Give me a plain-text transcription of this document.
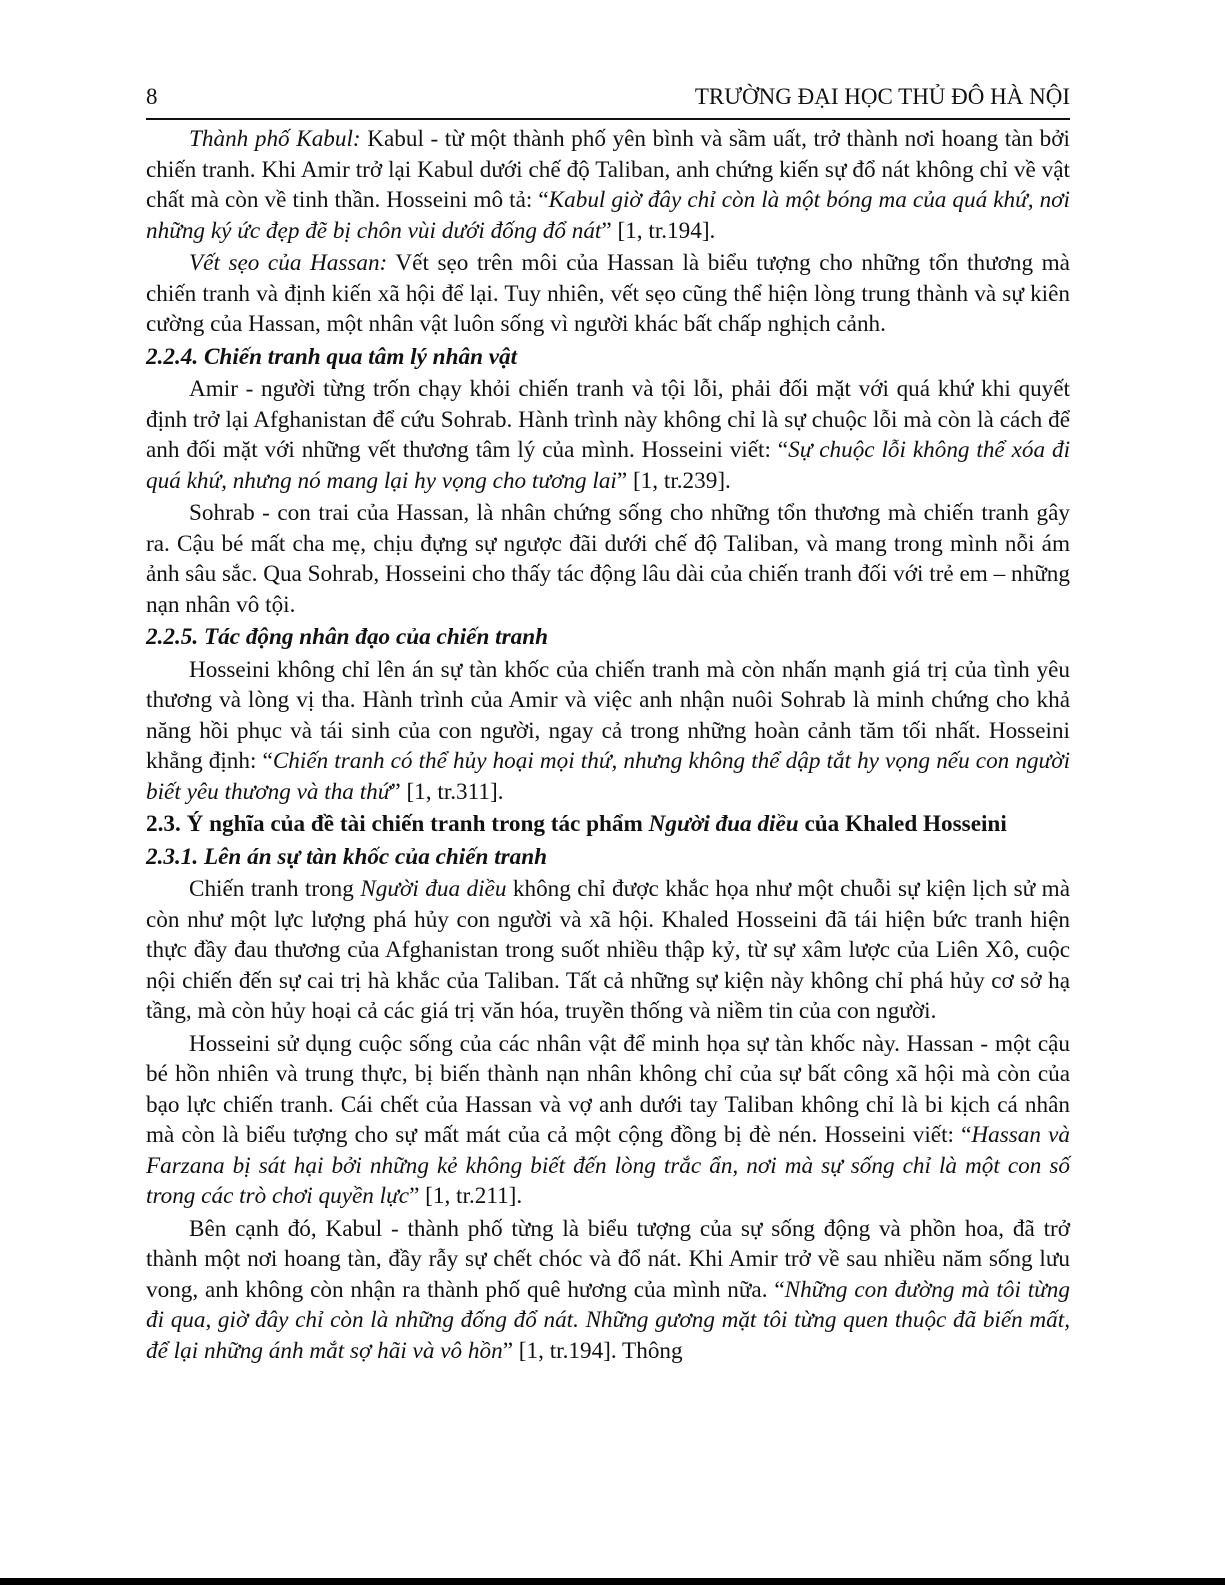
8	TRƯỜNG ĐẠI HỌC THỦ ĐÔ HÀ NỘI

Thành phố Kabul: Kabul - từ một thành phố yên bình và sầm uất, trở thành nơi hoang tàn bởi chiến tranh. Khi Amir trở lại Kabul dưới chế độ Taliban, anh chứng kiến sự đổ nát không chỉ về vật chất mà còn về tinh thần. Hosseini mô tả: “Kabul giờ đây chỉ còn là một bóng ma của quá khứ, nơi những ký ức đẹp đẽ bị chôn vùi dưới đống đổ nát” [1, tr.194].

Vết sẹo của Hassan: Vết sẹo trên môi của Hassan là biểu tượng cho những tổn thương mà chiến tranh và định kiến xã hội để lại. Tuy nhiên, vết sẹo cũng thể hiện lòng trung thành và sự kiên cường của Hassan, một nhân vật luôn sống vì người khác bất chấp nghịch cảnh.

2.2.4. Chiến tranh qua tâm lý nhân vật

Amir - người từng trốn chạy khỏi chiến tranh và tội lỗi, phải đối mặt với quá khứ khi quyết định trở lại Afghanistan để cứu Sohrab. Hành trình này không chỉ là sự chuộc lỗi mà còn là cách để anh đối mặt với những vết thương tâm lý của mình. Hosseini viết: “Sự chuộc lỗi không thể xóa đi quá khứ, nhưng nó mang lại hy vọng cho tương lai” [1, tr.239].

Sohrab - con trai của Hassan, là nhân chứng sống cho những tổn thương mà chiến tranh gây ra. Cậu bé mất cha mẹ, chịu đựng sự ngược đãi dưới chế độ Taliban, và mang trong mình nỗi ám ảnh sâu sắc. Qua Sohrab, Hosseini cho thấy tác động lâu dài của chiến tranh đối với trẻ em – những nạn nhân vô tội.

2.2.5. Tác động nhân đạo của chiến tranh

Hosseini không chỉ lên án sự tàn khốc của chiến tranh mà còn nhấn mạnh giá trị của tình yêu thương và lòng vị tha. Hành trình của Amir và việc anh nhận nuôi Sohrab là minh chứng cho khả năng hồi phục và tái sinh của con người, ngay cả trong những hoàn cảnh tăm tối nhất. Hosseini khẳng định: “Chiến tranh có thể hủy hoại mọi thứ, nhưng không thể dập tắt hy vọng nếu con người biết yêu thương và tha thứ” [1, tr.311].

2.3. Ý nghĩa của đề tài chiến tranh trong tác phẩm Người đua diều của Khaled Hosseini
2.3.1. Lên án sự tàn khốc của chiến tranh

Chiến tranh trong Người đua diều không chỉ được khắc họa như một chuỗi sự kiện lịch sử mà còn như một lực lượng phá hủy con người và xã hội. Khaled Hosseini đã tái hiện bức tranh hiện thực đầy đau thương của Afghanistan trong suốt nhiều thập kỷ, từ sự xâm lược của Liên Xô, cuộc nội chiến đến sự cai trị hà khắc của Taliban. Tất cả những sự kiện này không chỉ phá hủy cơ sở hạ tầng, mà còn hủy hoại cả các giá trị văn hóa, truyền thống và niềm tin của con người.

Hosseini sử dụng cuộc sống của các nhân vật để minh họa sự tàn khốc này. Hassan - một cậu bé hồn nhiên và trung thực, bị biến thành nạn nhân không chỉ của sự bất công xã hội mà còn của bạo lực chiến tranh. Cái chết của Hassan và vợ anh dưới tay Taliban không chỉ là bi kịch cá nhân mà còn là biểu tượng cho sự mất mát của cả một cộng đồng bị đè nén. Hosseini viết: “Hassan và Farzana bị sát hại bởi những kẻ không biết đến lòng trắc ẩn, nơi mà sự sống chỉ là một con số trong các trò chơi quyền lực” [1, tr.211].

Bên cạnh đó, Kabul - thành phố từng là biểu tượng của sự sống động và phồn hoa, đã trở thành một nơi hoang tàn, đầy rẫy sự chết chóc và đổ nát. Khi Amir trở về sau nhiều năm sống lưu vong, anh không còn nhận ra thành phố quê hương của mình nữa. “Những con đường mà tôi từng đi qua, giờ đây chỉ còn là những đống đổ nát. Những gương mặt tôi từng quen thuộc đã biến mất, để lại những ánh mắt sợ hãi và vô hồn” [1, tr.194]. Thông
